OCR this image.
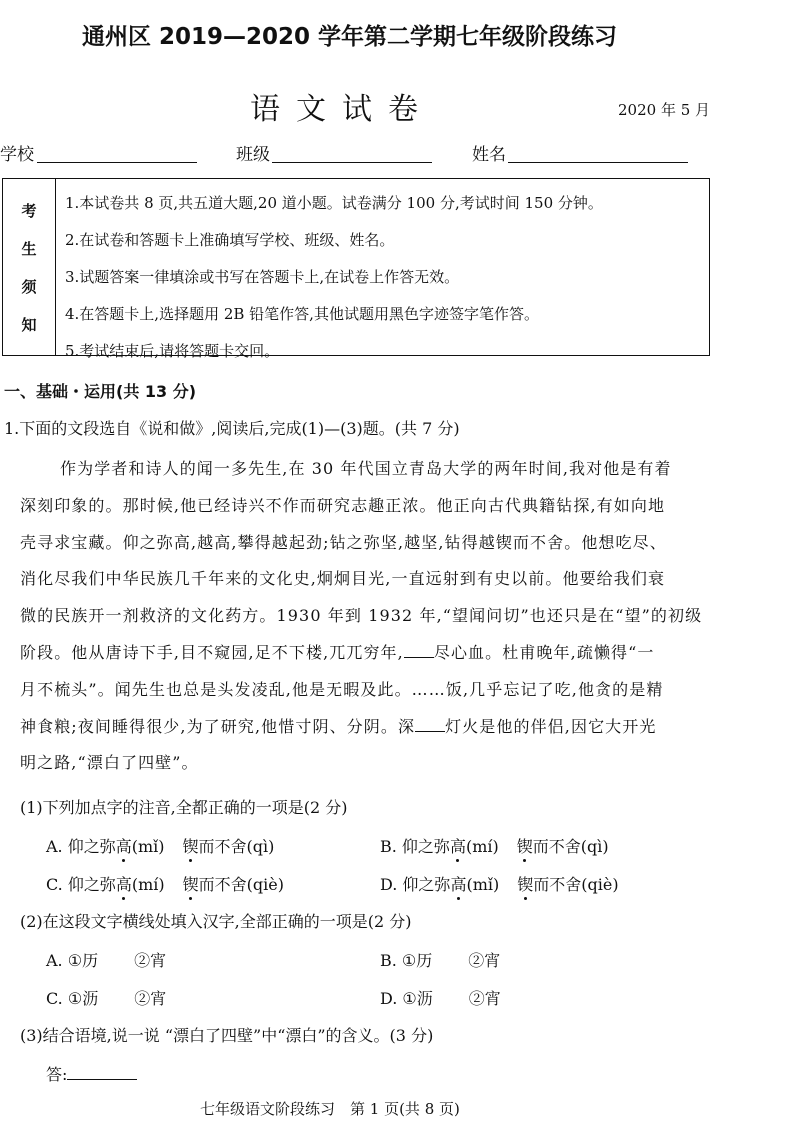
通州区 2019—2020 学年第二学期七年级阶段练习
语文试卷	2020 年 5 月
学校	班级	姓名
考
生
须
知
1.本试卷共 8 页,共五道大题,20 道小题。试卷满分 100 分,考试时间 150 分钟。
2.在试卷和答题卡上准确填写学校、班级、姓名。
3.试题答案一律填涂或书写在答题卡上,在试卷上作答无效。
4.在答题卡上,选择题用 2B 铅笔作答,其他试题用黑色字迹签字笔作答。
5.考试结束后,请将答题卡交回。
一、基础・运用(共 13 分)
1.下面的文段选自《说和做》,阅读后,完成(1)—(3)题。(共 7 分)

作为学者和诗人的闻一多先生,在 30 年代国立青岛大学的两年时间,我对他是有着

深刻印象的。那时候,他已经诗兴不作而研究志趣正浓。他正向古代典籍钻探,有如向地

壳寻求宝藏。仰之弥高,越高,攀得越起劲;钻之弥坚,越坚,钻得越锲而不舍。他想吃尽、

消化尽我们中华民族几千年来的文化史,炯炯目光,一直远射到有史以前。他要给我们衰

微的民族开一剂救济的文化药方。1930 年到 1932 年,“望闻问切”也还只是在“望”的初级

阶段。他从唐诗下手,目不窥园,足不下楼,兀兀穷年, 尽心血。杜甫晚年,疏懒得“一

月不梳头”。闻先生也总是头发凌乱,他是无暇及此。……饭,几乎忘记了吃,他贪的是精

神食粮;夜间睡得很少,为了研究,他惜寸阴、分阴。深 灯火是他的伴侣,因它大开光

明之路,“漂白了四壁”。

(1)下列加点字的注音,全都正确的一项是(2 分)
A. 仰之弥高(mǐ) 锲而不舍(qì)	B. 仰之弥高(mí) 锲而不舍(qì)
C. 仰之弥高(mí) 锲而不舍(qiè)	D. 仰之弥高(mǐ) 锲而不舍(qiè)
(2)在这段文字横线处填入汉字,全部正确的一项是(2 分)
A. ①历 ②宵	B. ①历 ②宵
C. ①沥 ②宵	D. ①沥 ②宵
(3)结合语境,说一说 “漂白了四壁”中“漂白”的含义。(3 分)
答:
七年级语文阶段练习　第 1 页(共 8 页)
